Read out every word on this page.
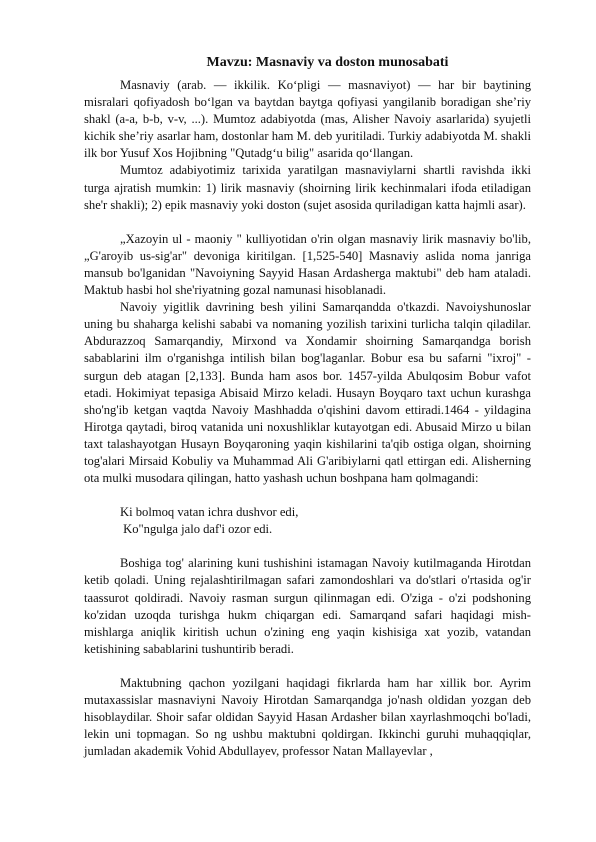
Mavzu: Masnaviy va doston munosabati

Masnaviy (arab. — ikkilik. Koʻpligi — masnaviyot) — har bir baytining misralari qofiyadosh boʻlgan va baytdan baytga qofiyasi yangilanib boradigan sheʼriy shakl (a-a, b-b, v-v, ...). Mumtoz adabiyotda (mas, Alisher Navoiy asarlarida) syujetli kichik sheʼriy asarlar ham, dostonlar ham M. deb yuritiladi. Turkiy adabiyotda M. shakli ilk bor Yusuf Xos Hojibning "Qutadgʻu bilig" asarida qoʻllangan.

Mumtoz adabiyotimiz tarixida yaratilgan masnaviylarni shartli ravishda ikki turga ajratish mumkin: 1) lirik masnaviy (shoirning lirik kechinmalari ifoda etiladigan she'r shakli); 2) epik masnaviy yoki doston (sujet asosida quriladigan katta hajmli asar).

„Xazoyin ul - maoniy " kulliyotidan o'rin olgan masnaviy lirik masnaviy bo'lib, „G'aroyib us-sig'ar" devoniga kiritilgan. [1,525-540] Masnaviy aslida noma janriga mansub bo'lganidan "Navoiyning Sayyid Hasan Ardasherga maktubi" deb ham ataladi. Maktub hasbi hol she'riyatning gozal namunasi hisoblanadi.

Navoiy yigitlik davrining besh yilini Samarqandda o'tkazdi. Navoiyshunoslar uning bu shaharga kelishi sababi va nomaning yozilish tarixini turlicha talqin qiladilar. Abdurazzoq Samarqandiy, Mirxond va Xondamir shoirning Samarqandga borish sabablarini ilm o'rganishga intilish bilan bog'laganlar. Bobur esa bu safarni "ixroj" - surgun deb atagan [2,133]. Bunda ham asos bor. 1457-yilda Abulqosim Bobur vafot etadi. Hokimiyat tepasiga Abisaid Mirzo keladi. Husayn Boyqaro taxt uchun kurashga sho'ng'ib ketgan vaqtda Navoiy Mashhadda o'qishini davom ettiradi.1464 - yildagina Hirotga qaytadi, biroq vatanida uni noxushliklar kutayotgan edi. Abusaid Mirzo u bilan taxt talashayotgan Husayn Boyqaroning yaqin kishilarini ta'qib ostiga olgan, shoirning tog'alari Mirsaid Kobuliy va Muhammad Ali G'aribiylarni qatl ettirgan edi. Alisherning ota mulki musodara qilingan, hatto yashash uchun boshpana ham qolmagandi:

Ki bolmoq vatan ichra dushvor edi,

Ko"ngulga jalo daf'i ozor edi.

Boshiga tog' alarining kuni tushishini istamagan Navoiy kutilmaganda Hirotdan ketib qoladi. Uning rejalashtirilmagan safari zamondoshlari va do'stlari o'rtasida og'ir taassurot qoldiradi. Navoiy rasman surgun qilinmagan edi. O'ziga - o'zi podshoning ko'zidan uzoqda turishga hukm chiqargan edi. Samarqand safari haqidagi mish-mishlarga aniqlik kiritish uchun o'zining eng yaqin kishisiga xat yozib, vatandan ketishining sabablarini tushuntirib beradi.

Maktubning qachon yozilgani haqidagi fikrlarda ham har xillik bor. Ayrim mutaxassislar masnaviyni Navoiy Hirotdan Samarqandga jo'nash oldidan yozgan deb hisoblaydilar. Shoir safar oldidan Sayyid Hasan Ardasher bilan xayrlashmoqchi bo'ladi, lekin uni topmagan. So ng ushbu maktubni qoldirgan. Ikkinchi guruhi muhaqqiqlar, jumladan akademik Vohid Abdullayev, professor Natan Mallayevlar ,
